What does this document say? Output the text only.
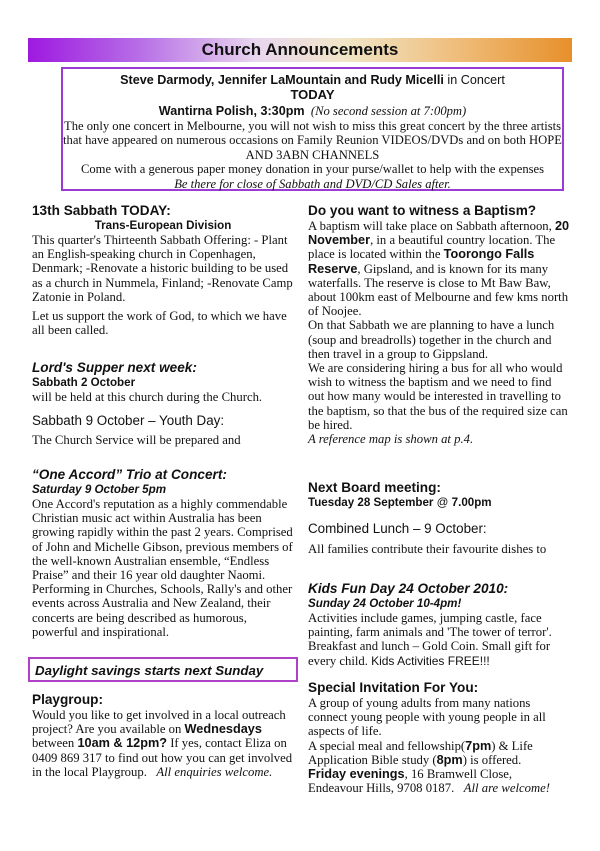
Church Announcements
Steve Darmody, Jennifer LaMountain and Rudy Micelli in Concert
TODAY
Wantirna Polish, 3:30pm (No second session at 7:00pm)
The only one concert in Melbourne, you will not wish to miss this great concert by the three artists that have appeared on numerous occasions on Family Reunion VIDEOS/DVDs and on both HOPE AND 3ABN CHANNELS
Come with a generous paper money donation in your purse/wallet to help with the expenses
Be there for close of Sabbath and DVD/CD Sales after.
13th Sabbath TODAY:
Trans-European Division

This quarter's Thirteenth Sabbath Offering: - Plant an English-speaking church in Copenhagen, Denmark; -Renovate a historic building to be used as a church in Nummela, Finland; -Renovate Camp Zatonie in Poland.

Let us support the work of God, to which we have all been called.

Lord's Supper next week:
Sabbath 2 October

will be held at this church during the Church.

Sabbath 9 October – Youth Day:

The Church Service will be prepared and

“One Accord” Trio at Concert:
Saturday 9 October 5pm

One Accord's reputation as a highly commendable Christian music act within Australia has been growing rapidly within the past 2 years. Comprised of John and Michelle Gibson, previous members of the well-known Australian ensemble, “Endless Praise” and their 16 year old daughter Naomi. Performing in Churches, Schools, Rally's and other events across Australia and New Zealand, their concerts are being described as humorous, powerful and inspirational.

Daylight savings starts next Sunday
Playgroup:

Would you like to get involved in a local outreach project? Are you available on Wednesdays between 10am & 12pm? If yes, contact Eliza on 0409 869 317 to find out how you can get involved in the local Playgroup. All enquiries welcome.

Do you want to witness a Baptism?

A baptism will take place on Sabbath afternoon, 20 November, in a beautiful country location. The place is located within the Toorongo Falls Reserve, Gipsland, and is known for its many waterfalls. The reserve is close to Mt Baw Baw, about 100km east of Melbourne and few kms north of Noojee.

On that Sabbath we are planning to have a lunch (soup and breadrolls) together in the church and then travel in a group to Gippsland.

We are considering hiring a bus for all who would wish to witness the baptism and we need to find out how many would be interested in travelling to the baptism, so that the bus of the required size can be hired.

A reference map is shown at p.4.

Next Board meeting:
Tuesday 28 September @ 7.00pm
Combined Lunch – 9 October:

All families contribute their favourite dishes to

Kids Fun Day 24 October 2010:
Sunday 24 October 10-4pm!

Activities include games, jumping castle, face painting, farm animals and 'The tower of terror'. Breakfast and lunch – Gold Coin. Small gift for every child. Kids Activities FREE!!!

Special Invitation For You:

A group of young adults from many nations connect young people with young people in all aspects of life.

A special meal and fellowship(7pm) & Life Application Bible study (8pm) is offered.

Friday evenings, 16 Bramwell Close, Endeavour Hills, 9708 0187. All are welcome!
